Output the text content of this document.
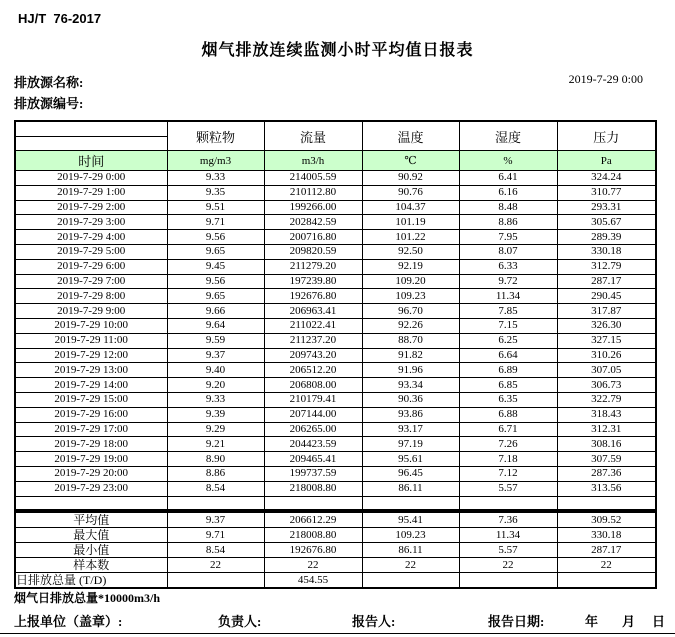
HJ/T  76-2017
烟气排放连续监测小时平均值日报表
排放源名称:
排放源编号:
2019-7-29 0:00
	颗粒物	流量	温度	湿度	压力
时间	mg/m3	m3/h	℃	%	Pa
2019-7-29 0:00	9.33	214005.59	90.92	6.41	324.24
2019-7-29 1:00	9.35	210112.80	90.76	6.16	310.77
2019-7-29 2:00	9.51	199266.00	104.37	8.48	293.31
2019-7-29 3:00	9.71	202842.59	101.19	8.86	305.67
2019-7-29 4:00	9.56	200716.80	101.22	7.95	289.39
2019-7-29 5:00	9.65	209820.59	92.50	8.07	330.18
2019-7-29 6:00	9.45	211279.20	92.19	6.33	312.79
2019-7-29 7:00	9.56	197239.80	109.20	9.72	287.17
2019-7-29 8:00	9.65	192676.80	109.23	11.34	290.45
2019-7-29 9:00	9.66	206963.41	96.70	7.85	317.87
2019-7-29 10:00	9.64	211022.41	92.26	7.15	326.30
2019-7-29 11:00	9.59	211237.20	88.70	6.25	327.15
2019-7-29 12:00	9.37	209743.20	91.82	6.64	310.26
2019-7-29 13:00	9.40	206512.20	91.96	6.89	307.05
2019-7-29 14:00	9.20	206808.00	93.34	6.85	306.73
2019-7-29 15:00	9.33	210179.41	90.36	6.35	322.79
2019-7-29 16:00	9.39	207144.00	93.86	6.88	318.43
2019-7-29 17:00	9.29	206265.00	93.17	6.71	312.31
2019-7-29 18:00	9.21	204423.59	97.19	7.26	308.16
2019-7-29 19:00	8.90	209465.41	95.61	7.18	307.59
2019-7-29 20:00	8.86	199737.59	96.45	7.12	287.36
2019-7-29 23:00	8.54	218008.80	86.11	5.57	313.56

平均值	9.37	206612.29	95.41	7.36	309.52
最大值	9.71	218008.80	109.23	11.34	330.18
最小值	8.54	192676.80	86.11	5.57	287.17
样本数	22	22	22	22	22
日排放总量 (T/D)		454.55			
烟气日排放总量*10000m3/h
上报单位（盖章）:	负责人:	报告人:	报告日期:	年 月 日
